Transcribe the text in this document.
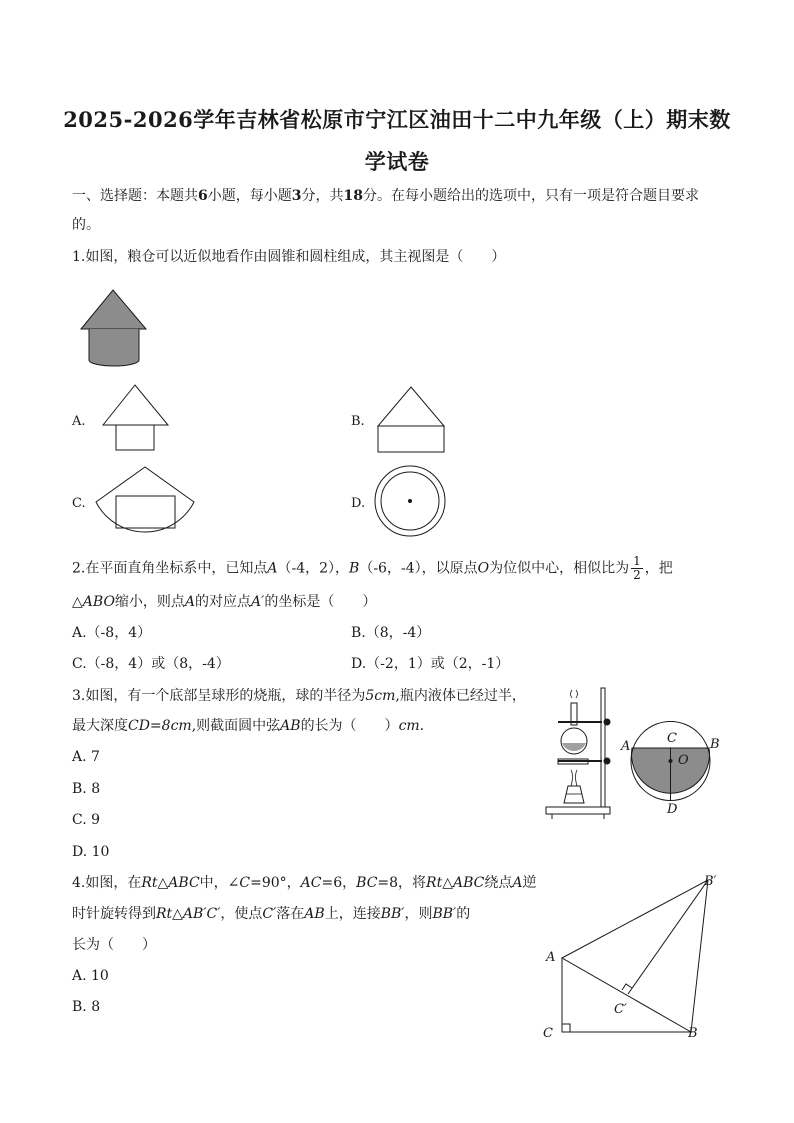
2025-2026学年吉林省松原市宁江区油田十二中九年级（上）期末数
学试卷
一、选择题：本题共6小题，每小题3分，共18分。在每小题给出的选项中，只有一项是符合题目要求
的。
1.如图，粮仓可以近似地看作由圆锥和圆柱组成，其主视图是（　　）
A.	B.
C.	D.
2.在平面直角坐标系中，已知点A（-4，2），B（-6，-4），以原点O为位似中心，相似比为 $\frac{1}{2}$ ，把
△ABO缩小，则点A的对应点A′的坐标是（　　）
A.（-8，4）	B.（8，-4）
C.（-8，4）或（8，-4）	D.（-2，1）或（2，-1）
3.如图，有一个底部呈球形的烧瓶，球的半径为5cm,瓶内液体已经过半，
最大深度CD=8cm,则截面圆中弦AB的长为（　　）cm.
A. 7
B. 8
C. 9
D. 10
A	B
C
O
D
4.如图，在Rt△ABC中，∠C=90°，AC=6，BC=8，将Rt△ABC绕点A逆
时针旋转得到Rt△AB′C′，使点C′落在AB上，连接BB′，则BB′的
长为（　　）
A. 10
B. 8
A
C	B
B′
C′
